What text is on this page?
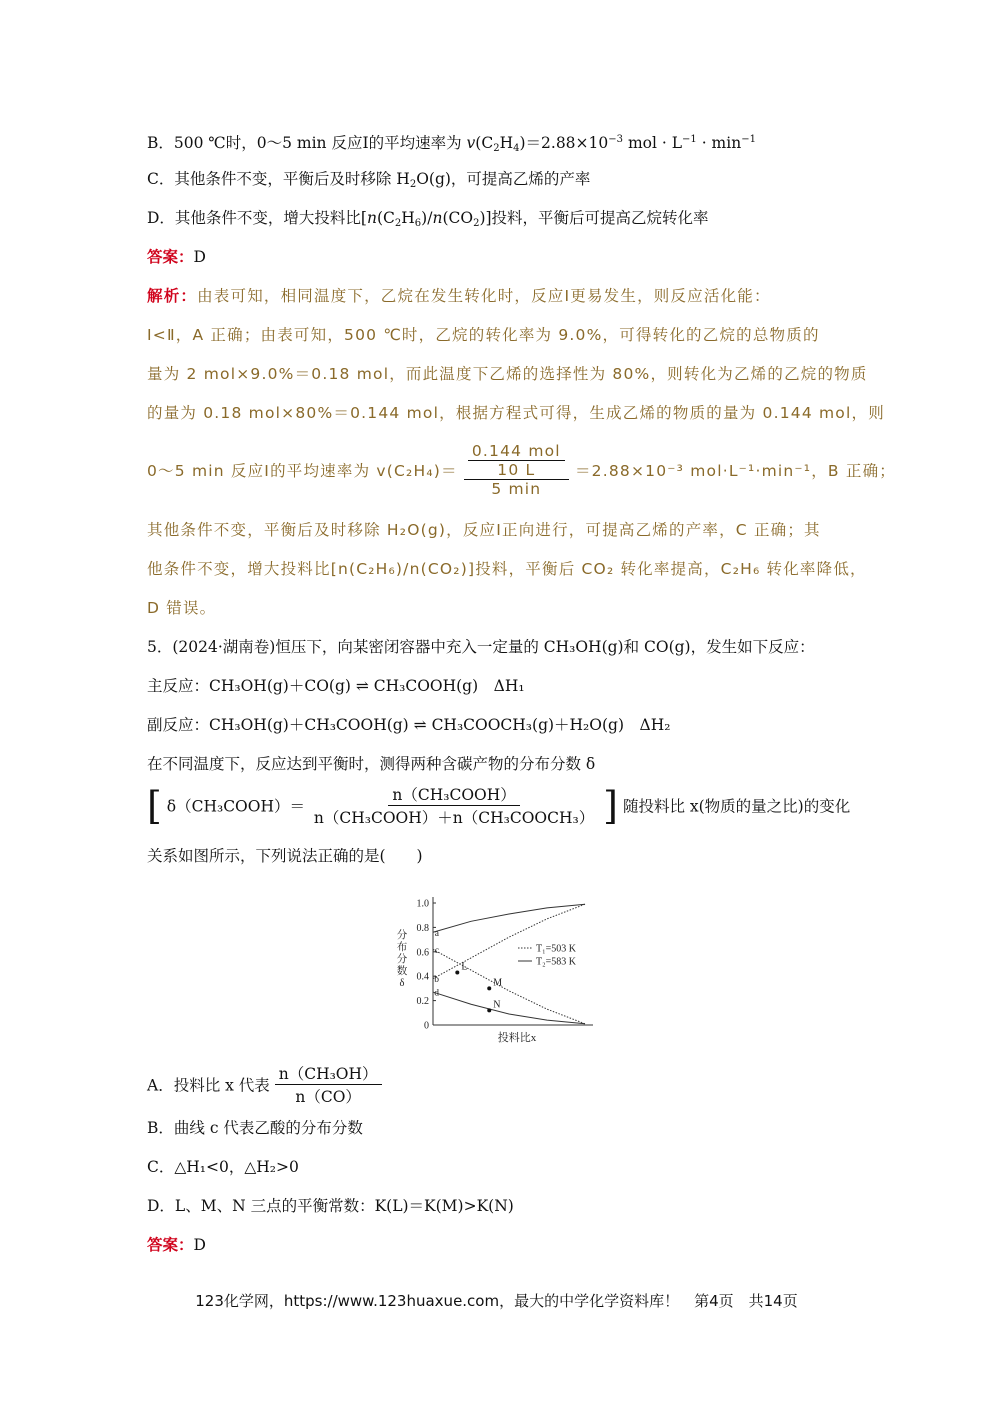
B．500 ℃时，0～5 min 反应Ⅰ的平均速率为 $v(C_2H_4)=2.88\times 10^{-3}$ mol · $L^{-1} \cdot \min^{-1}$
C．其他条件不变，平衡后及时移除 $H_2O(g)$，可提高乙烯的产率
D．其他条件不变，增大投料比$[n(C_2H_6)/n(CO_2)]$投料，平衡后可提高乙烷转化率
答案：D
解析：由表可知，相同温度下，乙烷在发生转化时，反应Ⅰ更易发生，则反应活化能：
Ⅰ<Ⅱ，A 正确；由表可知，500 ℃时，乙烷的转化率为 9.0%，可得转化的乙烷的总物质的
量为 2 mol×9.0%＝0.18 mol，而此温度下乙烯的选择性为 80%，则转化为乙烯的乙烷的物质
的量为 0.18 mol×80%＝0.144 mol，根据方程式可得，生成乙烯的物质的量为 0.144 mol，则
0～5 min 反应Ⅰ的平均速率为 $v(C_2H_4)= \frac{\frac{\text{0.144 mol}}{10 L}}{5 \min} =2.88\times 10^{-3}$ mol·L⁻¹·min⁻¹，B 正确；
其他条件不变，平衡后及时移除 H₂O(g)，反应Ⅰ正向进行，可提高乙烯的产率，C 正确；其
他条件不变，增大投料比[n(C₂H₆)/n(CO₂)]投料，平衡后 CO₂ 转化率提高，C₂H₆ 转化率降低，
D 错误。
5．(2024·湖南卷)恒压下，向某密闭容器中充入一定量的 CH₃OH(g)和 CO(g)，发生如下反应：
主反应：CH₃OH(g)＋CO(g) ⇌ CH₃COOH(g)　ΔH₁
副反应：CH₃OH(g)＋CH₃COOH(g) ⇌ CH₃COOCH₃(g)＋H₂O(g)　ΔH₂
在不同温度下，反应达到平衡时，测得两种含碳产物的分布分数 δ
[ δ（CH₃COOH）＝ $\frac{\text{n（CH₃COOH）}}{\text{n（CH₃COOH）＋n（CH₃COOCH₃）}}$ ] 随投料比 x(物质的量之比)的变化
关系如图所示，下列说法正确的是(　　)
0
0.2
0.4
0.6
0.8
1.0
分
布
分
数
δ
投料比x
a
b
c
d
L
M
N
T₁=503 K
T₂=583 K
A．投料比 x 代表 $\frac{\text{n（CH₃OH）}}{n(CO)}$
B．曲线 c 代表乙酸的分布分数
C．△H₁<0，△H₂>0
D．L、M、N 三点的平衡常数：K(L)＝K(M)>K(N)
答案：D
123化学网，https://www.123huaxue.com，最大的中学化学资料库！　第4页　共14页
